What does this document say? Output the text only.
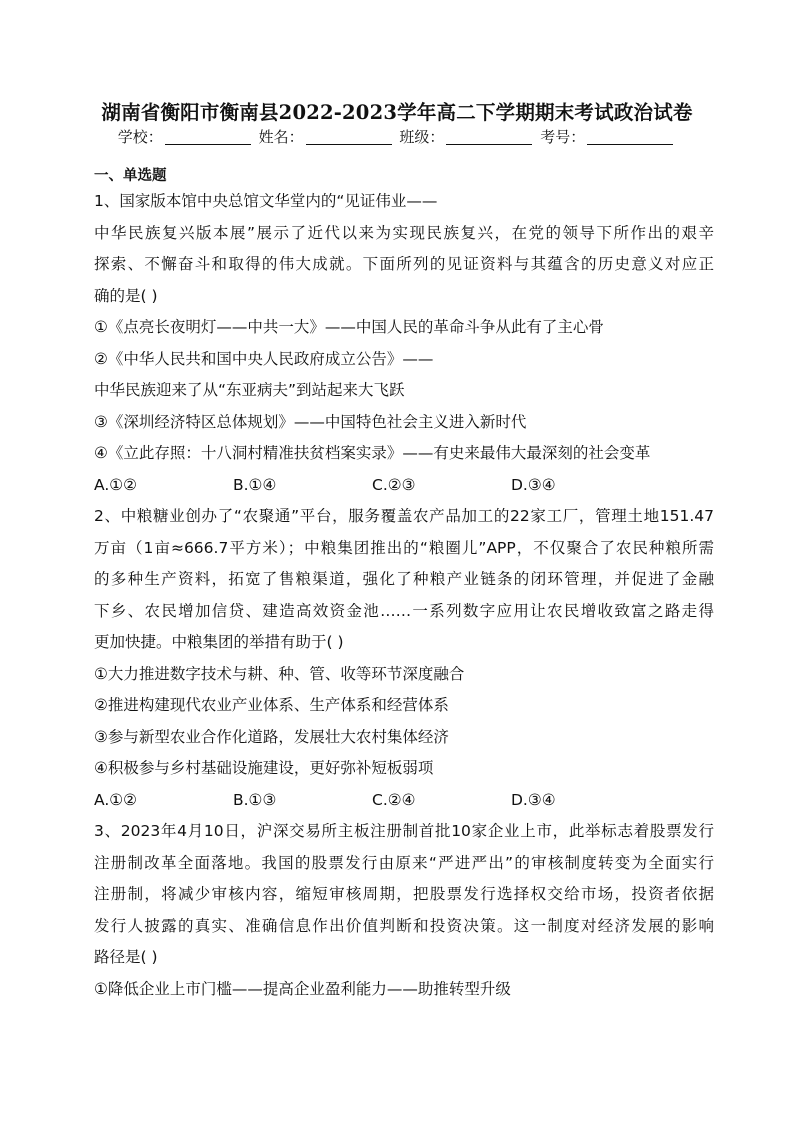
湖南省衡阳市衡南县2022-2023学年高二下学期期末考试政治试卷
学校：	姓名：	班级：	考号：
一、单选题
1、国家版本馆中央总馆文华堂内的“见证伟业——
中华民族复兴版本展”展示了近代以来为实现民族复兴，在党的领导下所作出的艰辛
探索、不懈奋斗和取得的伟大成就。下面所列的见证资料与其蕴含的历史意义对应正
确的是( )
①《点亮长夜明灯——中共一大》——中国人民的革命斗争从此有了主心骨
②《中华人民共和国中央人民政府成立公告》——
中华民族迎来了从“东亚病夫”到站起来大飞跃
③《深圳经济特区总体规划》——中国特色社会主义进入新时代
④《立此存照：十八洞村精准扶贫档案实录》——有史来最伟大最深刻的社会变革
A.①②	B.①④	C.②③	D.③④
2、中粮糖业创办了“农聚通”平台，服务覆盖农产品加工的22家工厂，管理土地151.47
万亩（1亩≈666.7平方米）；中粮集团推出的“粮圈儿”APP，不仅聚合了农民种粮所需
的多种生产资料，拓宽了售粮渠道，强化了种粮产业链条的闭环管理，并促进了金融
下乡、农民增加信贷、建造高效资金池……一系列数字应用让农民增收致富之路走得
更加快捷。中粮集团的举措有助于( )
①大力推进数字技术与耕、种、管、收等环节深度融合
②推进构建现代农业产业体系、生产体系和经营体系
③参与新型农业合作化道路，发展壮大农村集体经济
④积极参与乡村基础设施建设，更好弥补短板弱项
A.①②	B.①③	C.②④	D.③④
3、2023年4月10日，沪深交易所主板注册制首批10家企业上市，此举标志着股票发行
注册制改革全面落地。我国的股票发行由原来“严进严出”的审核制度转变为全面实行
注册制，将减少审核内容，缩短审核周期，把股票发行选择权交给市场，投资者依据
发行人披露的真实、准确信息作出价值判断和投资决策。这一制度对经济发展的影响
路径是( )
①降低企业上市门槛——提高企业盈利能力——助推转型升级
